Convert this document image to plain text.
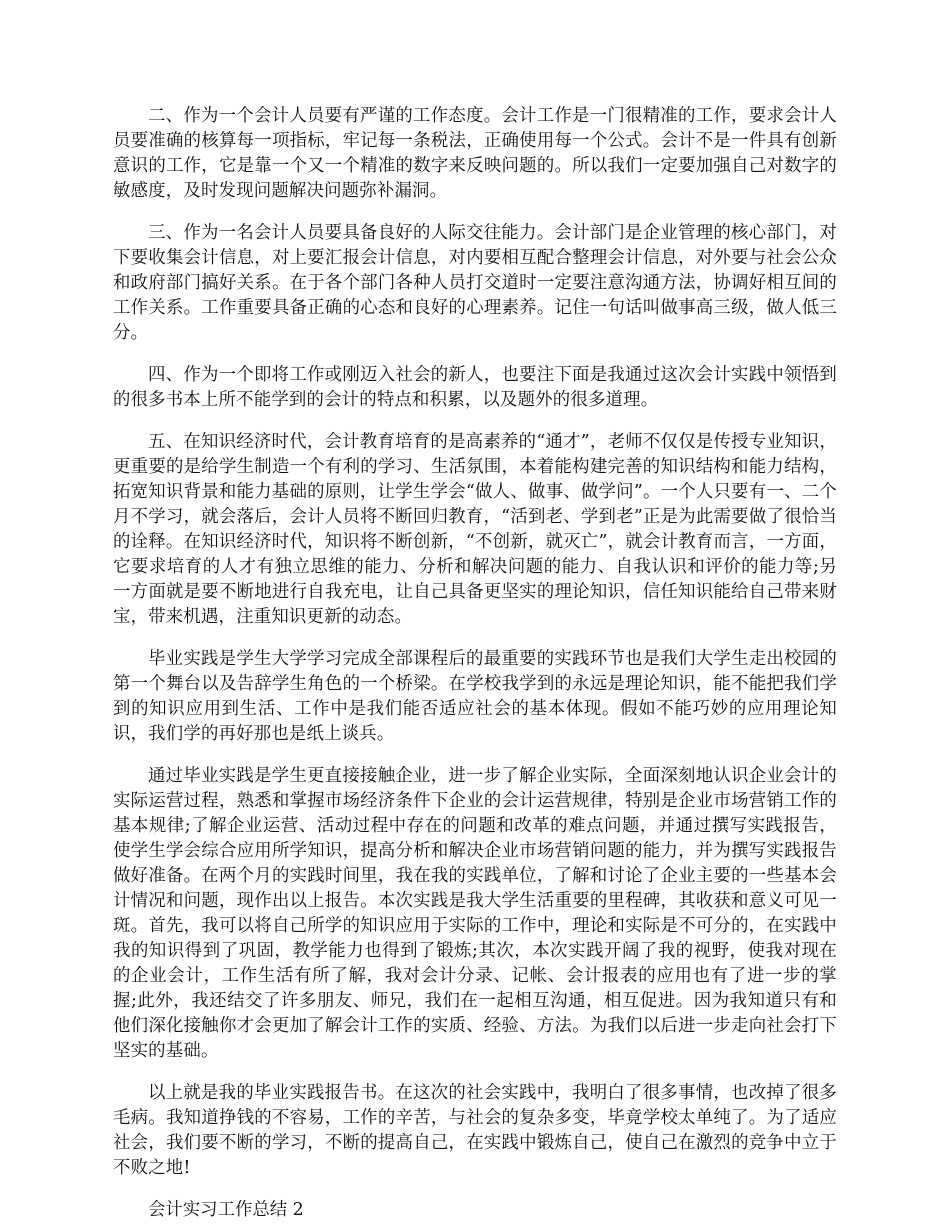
二、作为一个会计人员要有严谨的工作态度。会计工作是一门很精准的工作，要求会计人员要准确的核算每一项指标，牢记每一条税法，正确使用每一个公式。会计不是一件具有创新意识的工作，它是靠一个又一个精准的数字来反映问题的。所以我们一定要加强自己对数字的敏感度，及时发现问题解决问题弥补漏洞。

三、作为一名会计人员要具备良好的人际交往能力。会计部门是企业管理的核心部门，对下要收集会计信息，对上要汇报会计信息，对内要相互配合整理会计信息，对外要与社会公众和政府部门搞好关系。在于各个部门各种人员打交道时一定要注意沟通方法，协调好相互间的工作关系。工作重要具备正确的心态和良好的心理素养。记住一句话叫做事高三级，做人低三分。

四、作为一个即将工作或刚迈入社会的新人，也要注下面是我通过这次会计实践中领悟到的很多书本上所不能学到的会计的特点和积累，以及题外的很多道理。

五、在知识经济时代，会计教育培育的是高素养的“通才”，老师不仅仅是传授专业知识，更重要的是给学生制造一个有利的学习、生活氛围，本着能构建完善的知识结构和能力结构，拓宽知识背景和能力基础的原则，让学生学会“做人、做事、做学问”。一个人只要有一、二个月不学习，就会落后，会计人员将不断回归教育，“活到老、学到老”正是为此需要做了很恰当的诠释。在知识经济时代，知识将不断创新，“不创新，就灭亡”，就会计教育而言，一方面，它要求培育的人才有独立思维的能力、分析和解决问题的能力、自我认识和评价的能力等;另一方面就是要不断地进行自我充电，让自己具备更坚实的理论知识，信任知识能给自己带来财宝，带来机遇，注重知识更新的动态。

毕业实践是学生大学学习完成全部课程后的最重要的实践环节也是我们大学生走出校园的第一个舞台以及告辞学生角色的一个桥梁。在学校我学到的永远是理论知识，能不能把我们学到的知识应用到生活、工作中是我们能否适应社会的基本体现。假如不能巧妙的应用理论知识，我们学的再好那也是纸上谈兵。

通过毕业实践是学生更直接接触企业，进一步了解企业实际，全面深刻地认识企业会计的实际运营过程，熟悉和掌握市场经济条件下企业的会计运营规律，特别是企业市场营销工作的基本规律;了解企业运营、活动过程中存在的问题和改革的难点问题，并通过撰写实践报告，使学生学会综合应用所学知识，提高分析和解决企业市场营销问题的能力，并为撰写实践报告做好准备。在两个月的实践时间里，我在我的实践单位，了解和讨论了企业主要的一些基本会计情况和问题，现作出以上报告。本次实践是我大学生活重要的里程碑，其收获和意义可见一斑。首先，我可以将自己所学的知识应用于实际的工作中，理论和实际是不可分的，在实践中我的知识得到了巩固，教学能力也得到了锻炼;其次，本次实践开阔了我的视野，使我对现在的企业会计，工作生活有所了解，我对会计分录、记帐、会计报表的应用也有了进一步的掌握;此外，我还结交了许多朋友、师兄，我们在一起相互沟通，相互促进。因为我知道只有和他们深化接触你才会更加了解会计工作的实质、经验、方法。为我们以后进一步走向社会打下坚实的基础。

以上就是我的毕业实践报告书。在这次的社会实践中，我明白了很多事情，也改掉了很多毛病。我知道挣钱的不容易，工作的辛苦，与社会的复杂多变，毕竟学校太单纯了。为了适应社会，我们要不断的学习，不断的提高自己，在实践中锻炼自己，使自己在激烈的竞争中立于不败之地!

会计实习工作总结 2
